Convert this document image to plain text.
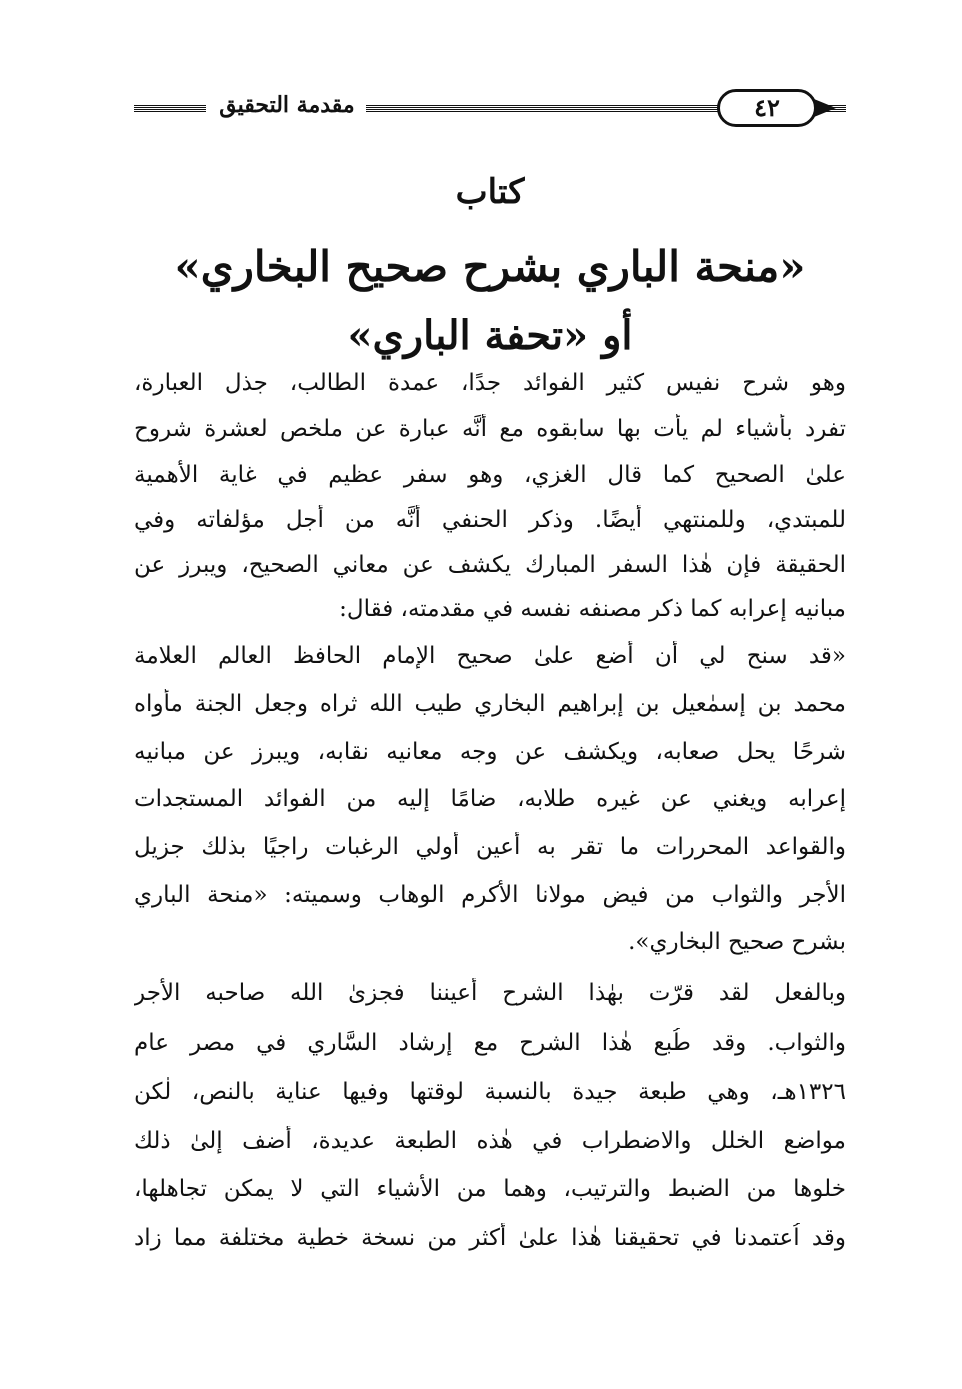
مقدمة التحقيق	٤٢
كتاب
«منحة الباري بشرح صحيح البخاري»
أو «تحفة الباري»
وهو شرح نفيس كثير الفوائد جدًا، عمدة الطالب، جذل العبارة،
تفرد بأشياء لم يأت بها سابقوه مع أنَّه عبارة عن ملخص لعشرة شروح
علىٰ الصحيح كما قال الغزي، وهو سفر عظيم في غاية الأهمية
للمبتدي، وللمنتهي أيضًا. وذكر الحنفي أنَّه من أجل مؤلفاته وفي
الحقيقة فإن هٰذا السفر المبارك يكشف عن معاني الصحيح، ويبرز عن
مبانيه إعرابه كما ذكر مصنفه نفسه في مقدمته، فقال:
«قد سنح لي أن أضع علىٰ صحيح الإمام الحافظ العالم العلامة
محمد بن إسمٰعيل بن إبراهيم البخاري طيب الله ثراه وجعل الجنة مأواه
شرحًا يحل صعابه، ويكشف عن وجه معانيه نقابه، ويبرز عن مبانيه
إعرابه ويغني عن غيره طلابه، ضامًا إليه من الفوائد المستجدات
والقواعد المحررات ما تقر به أعين أولي الرغبات راجيًا بذلك جزيل
الأجر والثواب من فيض مولانا الأكرم الوهاب وسميته: «منحة الباري
بشرح صحيح البخاري».
وبالفعل لقد قرّت بهٰذا الشرح أعيننا فجزىٰ الله صاحبه الأجر
والثواب. وقد طُبع هٰذا الشرح مع إرشاد السَّاري في مصر عام
١٣٢٦هـ، وهي طبعة جيدة بالنسبة لوقتها وفيها عناية بالنص، لٰكن
مواضع الخلل والاضطراب في هٰذه الطبعة عديدة، أضف إلىٰ ذلك
خلوها من الضبط والترتيب، وهما من الأشياء التي لا يمكن تجاهلها،
وقد اُعتمدنا في تحقيقنا هٰذا علىٰ أكثر من نسخة خطية مختلفة مما زاد
